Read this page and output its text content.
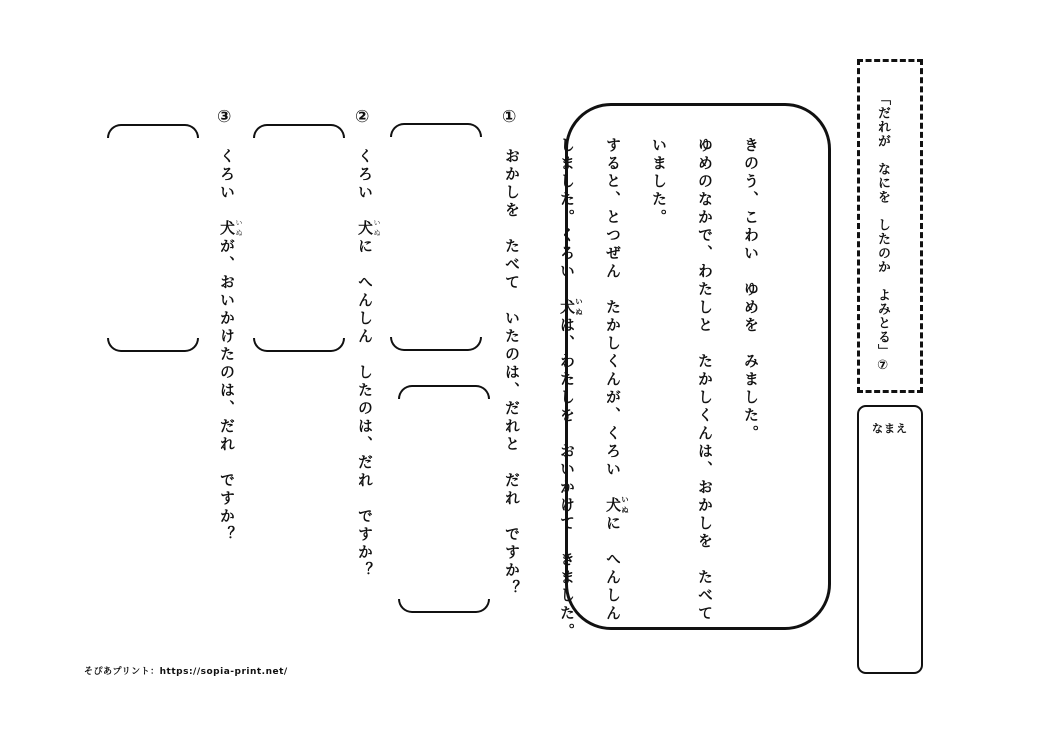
「だれが　なにを　したのか　よみとる」⑦
なまえ
きのう、こわい　ゆめを　みました。
ゆめのなかで、わたしと　たかしくんは、おかしを　たべて
いました。
すると、とつぜん　たかしくんが、くろい　犬いぬに　へんしん
しました。くろい　犬いぬは、わたしを　おいかけて　きました。
①
おかしを　たべて　いたのは、だれと　だれ　ですか？
②
くろい　犬 いぬに　へんしん　したのは、だれ　ですか？
③
くろい　犬 いぬが、おいかけたのは、だれ　ですか？
そぴあプリント：https://sopia-print.net/
